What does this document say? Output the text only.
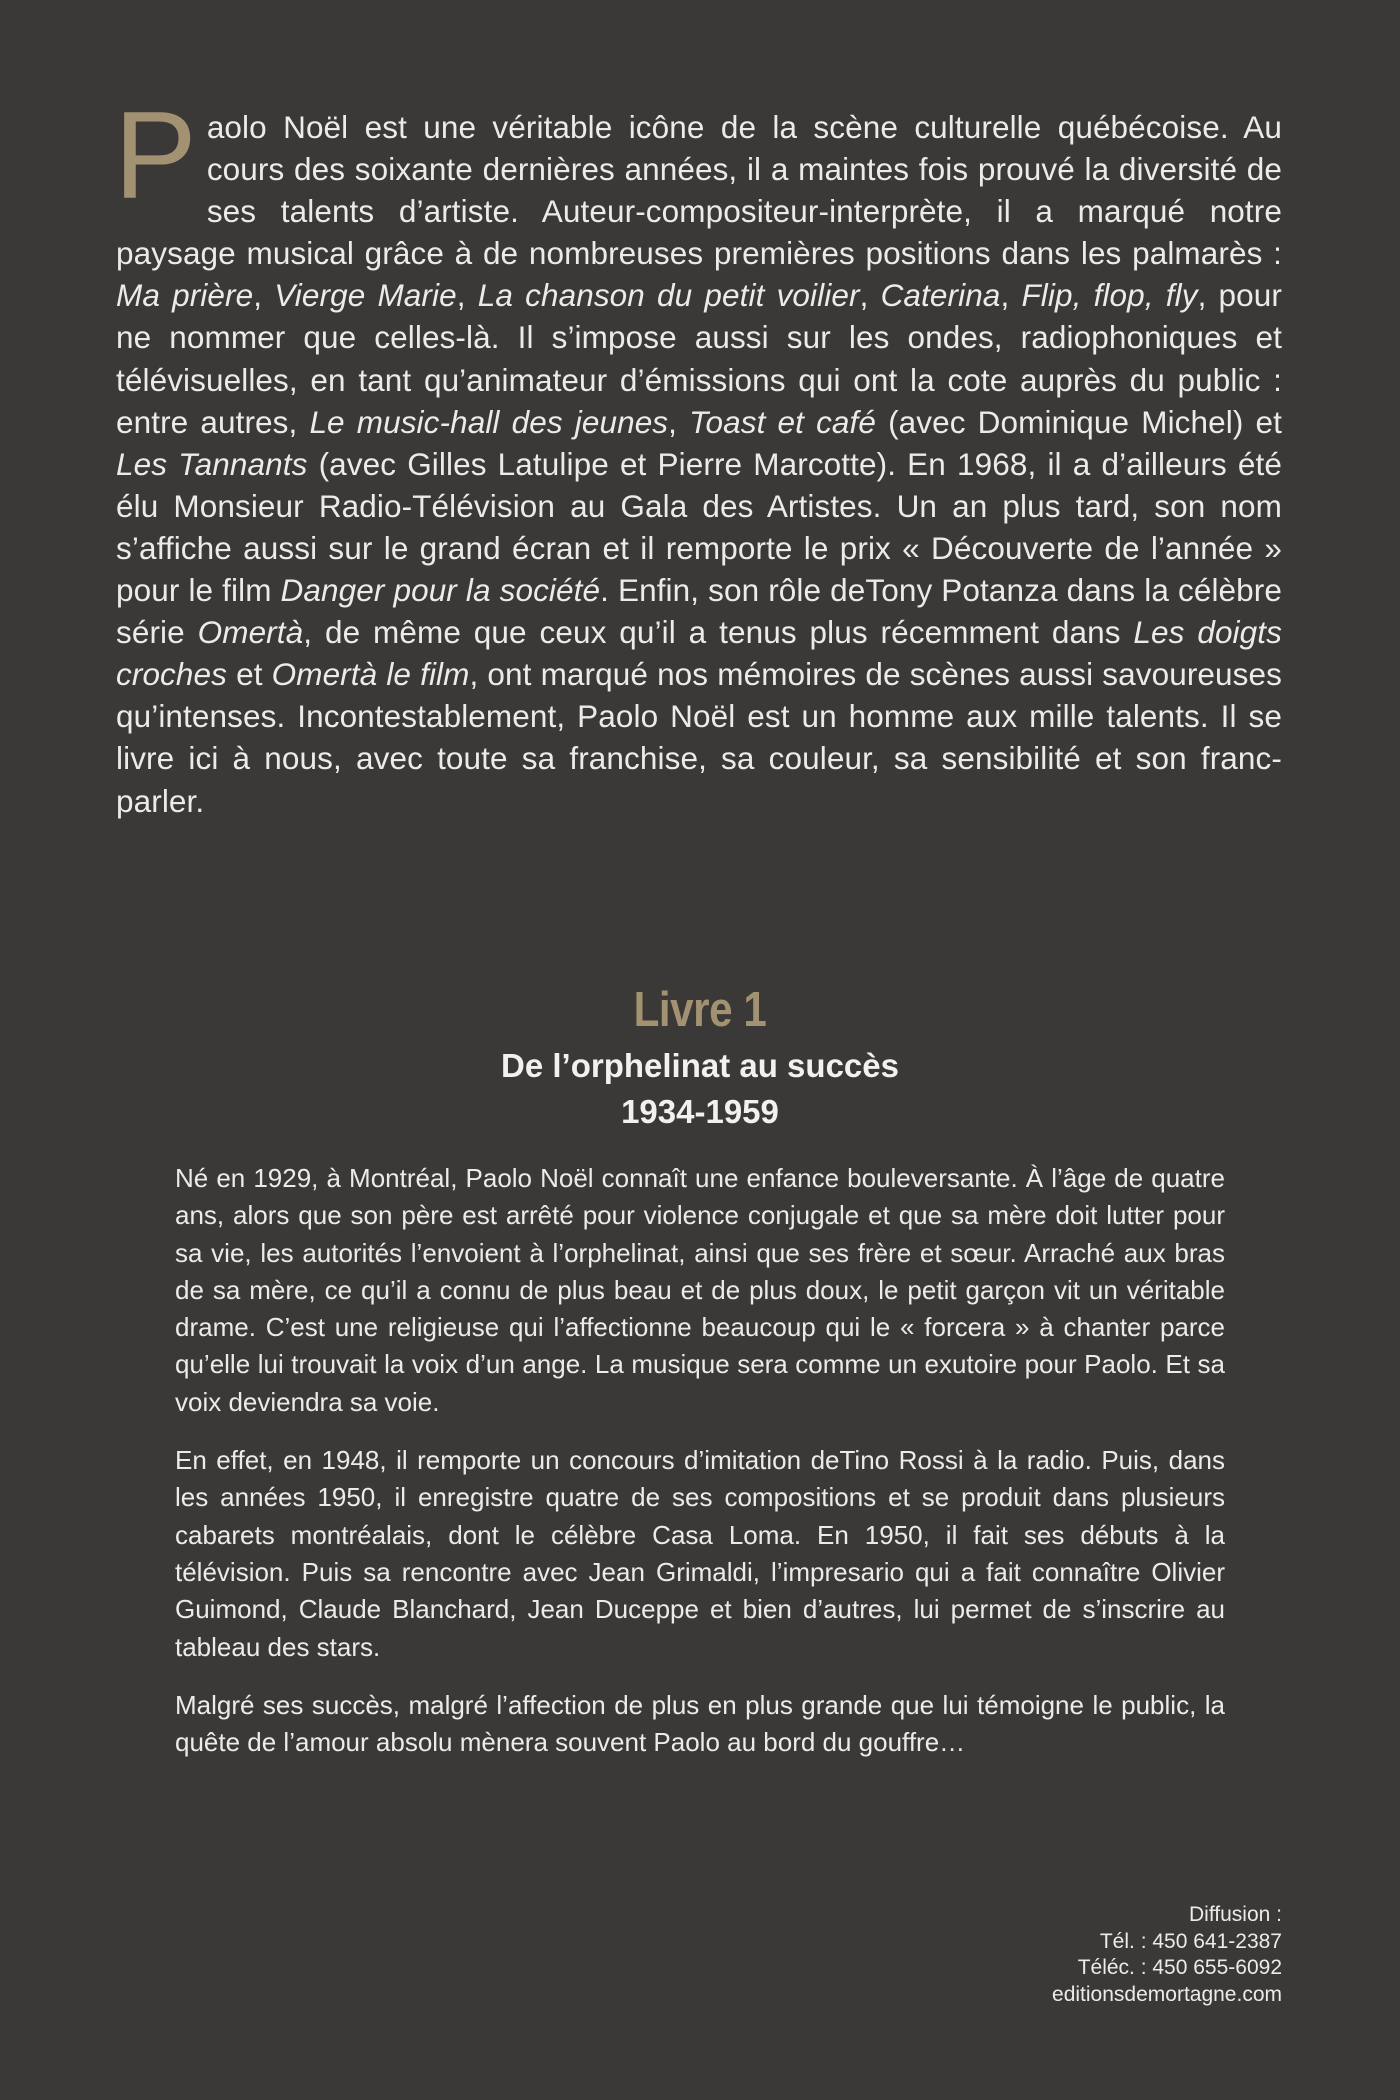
P aolo Noël est une véritable icône de la scène culturelle québécoise. Au cours des soixante dernières années, il a maintes fois prouvé la diversité de ses talents d’artiste. Auteur-compositeur-interprète, il a marqué notre paysage musical grâce à de nombreuses premières positions dans les palmarès : Ma prière, Vierge Marie, La chanson du petit voilier, Caterina, Flip, flop, fly, pour ne nommer que celles-là. Il s’impose aussi sur les ondes, radiophoniques et télévisuelles, en tant qu’animateur d’émissions qui ont la cote auprès du public : entre autres, Le music-hall des jeunes, Toast et café (avec Dominique Michel) et Les Tannants (avec Gilles Latulipe et Pierre Marcotte). En 1968, il a d’ailleurs été élu Monsieur Radio-Télévision au Gala des Artistes. Un an plus tard, son nom s’affiche aussi sur le grand écran et il remporte le prix « Découverte de l’année » pour le film Danger pour la société. Enfin, son rôle deTony Potanza dans la célèbre série Omertà, de même que ceux qu’il a tenus plus récemment dans Les doigts croches et Omertà le film, ont marqué nos mémoires de scènes aussi savoureuses qu’intenses. Incontestablement, Paolo Noël est un homme aux mille talents. Il se livre ici à nous, avec toute sa franchise, sa couleur, sa sensibilité et son franc-parler.

Livre 1
De l’orphelinat au succès
1934-1959

Né en 1929, à Montréal, Paolo Noël connaît une enfance bouleversante. À l’âge de quatre ans, alors que son père est arrêté pour violence conjugale et que sa mère doit lutter pour sa vie, les autorités l’envoient à l’orphelinat, ainsi que ses frère et sœur. Arraché aux bras de sa mère, ce qu’il a connu de plus beau et de plus doux, le petit garçon vit un véritable drame. C’est une religieuse qui l’affectionne beaucoup qui le « forcera » à chanter parce qu’elle lui trouvait la voix d’un ange. La musique sera comme un exutoire pour Paolo. Et sa voix deviendra sa voie.

En effet, en 1948, il remporte un concours d’imitation deTino Rossi à la radio. Puis, dans les années 1950, il enregistre quatre de ses compositions et se produit dans plusieurs cabarets montréalais, dont le célèbre Casa Loma. En 1950, il fait ses débuts à la télévision. Puis sa rencontre avec Jean Grimaldi, l’impresario qui a fait connaître Olivier Guimond, Claude Blanchard, Jean Duceppe et bien d’autres, lui permet de s’inscrire au tableau des stars.

Malgré ses succès, malgré l’affection de plus en plus grande que lui témoigne le public, la quête de l’amour absolu mènera souvent Paolo au bord du gouffre…

Diffusion :
Tél. : 450 641-2387
Téléc. : 450 655-6092
editionsdemortagne.com
